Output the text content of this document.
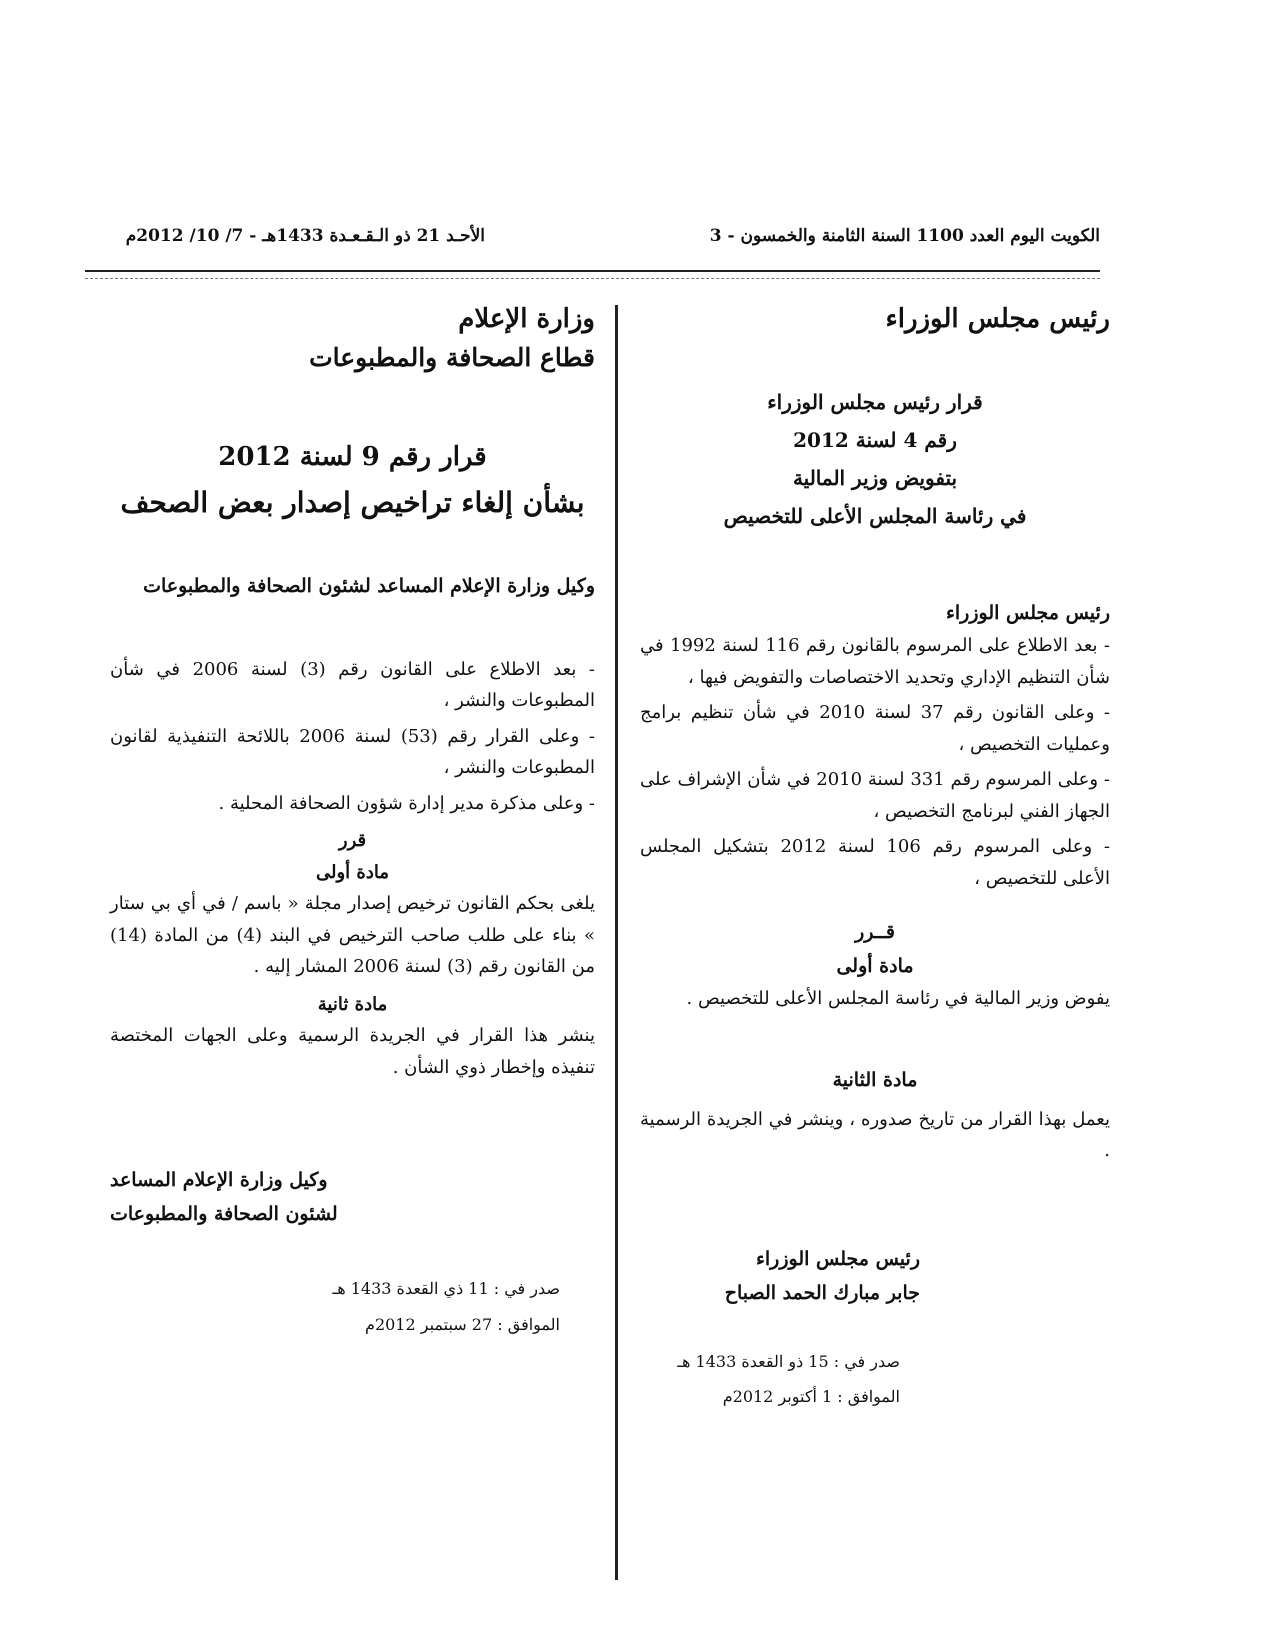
الكويت اليوم العدد 1100 السنة الثامنة والخمسون - 3
الأحـد 21 ذو الـقـعـدة 1433هـ - 7/ 10/ 2012م

رئيس مجلس الوزراء

قرار رئيس مجلس الوزراء
رقم 4 لسنة 2012
بتفويض وزير المالية
في رئاسة المجلس الأعلى للتخصيص
رئيس مجلس الوزراء

- بعد الاطلاع على المرسوم بالقانون رقم 116 لسنة 1992 في شأن التنظيم الإداري وتحديد الاختصاصات والتفويض فيها ،

- وعلى القانون رقم 37 لسنة 2010 في شأن تنظيم برامج وعمليات التخصيص ،

- وعلى المرسوم رقم 331 لسنة 2010 في شأن الإشراف على الجهاز الفني لبرنامج التخصيص ،

- وعلى المرسوم رقم 106 لسنة 2012 بتشكيل المجلس الأعلى للتخصيص ،

قــرر
مادة أولى

يفوض وزير المالية في رئاسة المجلس الأعلى للتخصيص .

مادة الثانية

يعمل بهذا القرار من تاريخ صدوره ، وينشر في الجريدة الرسمية .

رئيس مجلس الوزراء
جابر مبارك الحمد الصباح
صدر في : 15 ذو القعدة 1433 هـ
الموافق : 1 أكتوبر 2012م

وزارة الإعلام

قطاع الصحافة والمطبوعات

قرار رقم 9 لسنة 2012
بشأن إلغاء تراخيص إصدار بعض الصحف
وكيل وزارة الإعلام المساعد لشئون الصحافة والمطبوعات

- بعد الاطلاع على القانون رقم (3) لسنة 2006 في شأن المطبوعات والنشر ،

- وعلى القرار رقم (53) لسنة 2006 باللائحة التنفيذية لقانون المطبوعات والنشر ،

- وعلى مذكرة مدير إدارة شؤون الصحافة المحلية .

قرر
مادة أولى

يلغى بحكم القانون ترخيص إصدار مجلة « باسم / في أي بي ستار » بناء على طلب صاحب الترخيص في البند (4) من المادة (14) من القانون رقم (3) لسنة 2006 المشار إليه .

مادة ثانية

ينشر هذا القرار في الجريدة الرسمية وعلى الجهات المختصة تنفيذه وإخطار ذوي الشأن .

وكيل وزارة الإعلام المساعد
لشئون الصحافة والمطبوعات
صدر في : 11 ذي القعدة 1433 هـ
الموافق : 27 سبتمبر 2012م
